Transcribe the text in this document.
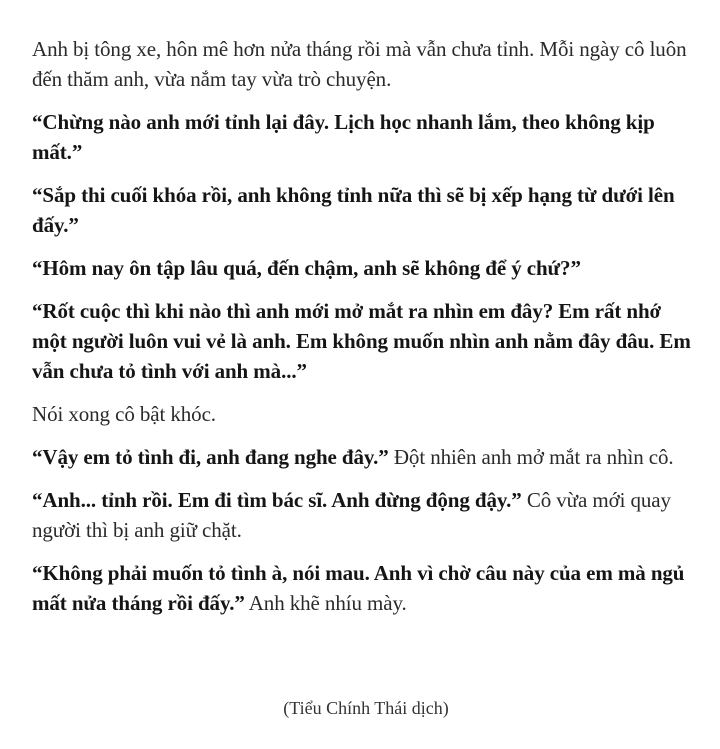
Anh bị tông xe, hôn mê hơn nửa tháng rồi mà vẫn chưa tỉnh. Mỗi ngày cô luôn đến thăm anh, vừa nắm tay vừa trò chuyện.

“Chừng nào anh mới tỉnh lại đây. Lịch học nhanh lắm, theo không kịp mất.”

“Sắp thi cuối khóa rồi, anh không tỉnh nữa thì sẽ bị xếp hạng từ dưới lên đấy.”

“Hôm nay ôn tập lâu quá, đến chậm, anh sẽ không để ý chứ?”

“Rốt cuộc thì khi nào thì anh mới mở mắt ra nhìn em đây? Em rất nhớ một người luôn vui vẻ là anh. Em không muốn nhìn anh nằm đây đâu. Em vẫn chưa tỏ tình với anh mà...”

Nói xong cô bật khóc.

“Vậy em tỏ tình đi, anh đang nghe đây.” Đột nhiên anh mở mắt ra nhìn cô.

“Anh... tỉnh rồi. Em đi tìm bác sĩ. Anh đừng động đậy.” Cô vừa mới quay người thì bị anh giữ chặt.

“Không phải muốn tỏ tình à, nói mau. Anh vì chờ câu này của em mà ngủ mất nửa tháng rồi đấy.” Anh khẽ nhíu mày.

(Tiểu Chính Thái dịch)
